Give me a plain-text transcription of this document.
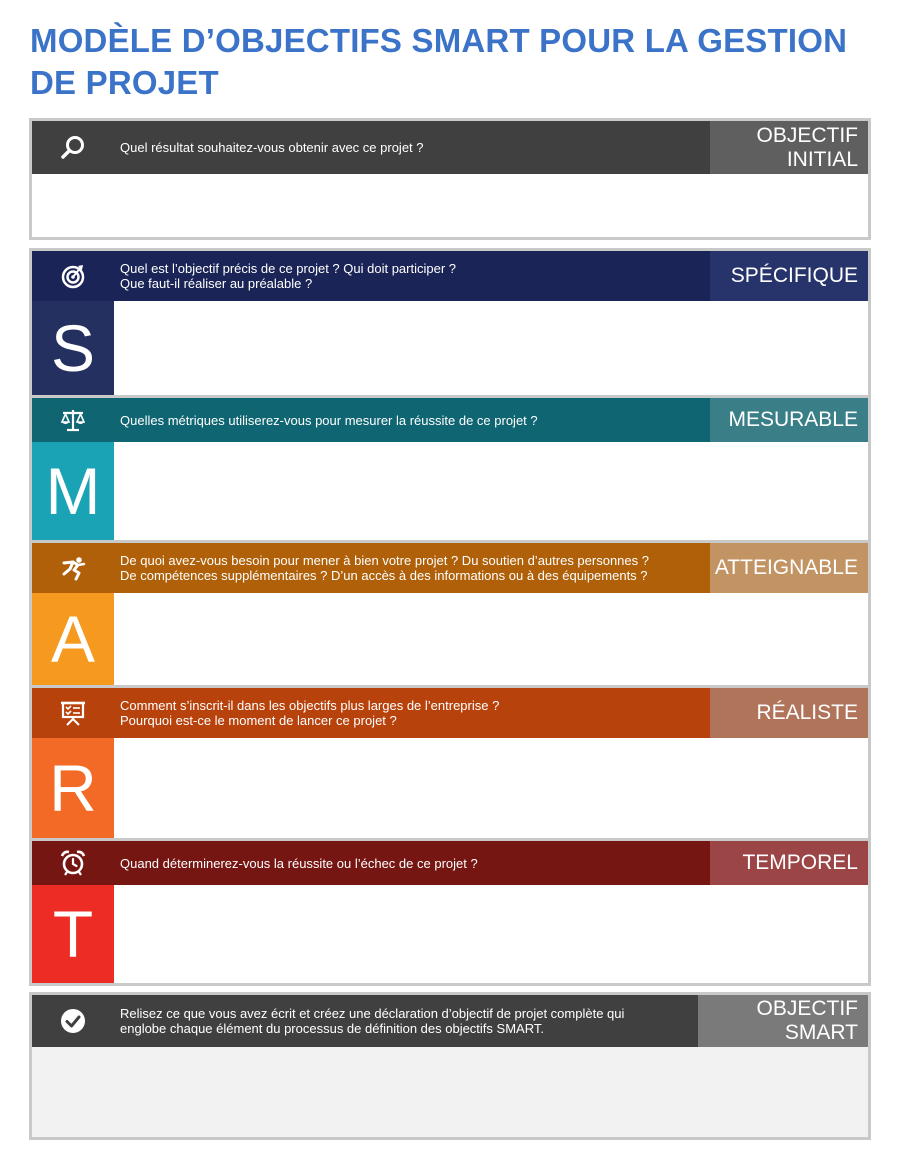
MODÈLE D’OBJECTIFS SMART POUR LA GESTION DE PROJET
Quel résultat souhaitez-vous obtenir avec ce projet ?
OBJECTIF
INITIAL
Quel est l’objectif précis de ce projet ? Qui doit participer ?
Que faut-il réaliser au préalable ?	SPÉCIFIQUE
S
Quelles métriques utiliserez-vous pour mesurer la réussite de ce projet ?	MESURABLE
M
De quoi avez-vous besoin pour mener à bien votre projet ? Du soutien d’autres personnes ?
De compétences supplémentaires ? D’un accès à des informations ou à des équipements ?	ATTEIGNABLE
A
Comment s’inscrit-il dans les objectifs plus larges de l’entreprise ?
Pourquoi est-ce le moment de lancer ce projet ?	RÉALISTE
R
Quand déterminerez-vous la réussite ou l’échec de ce projet ?	TEMPOREL
T
Relisez ce que vous avez écrit et créez une déclaration d’objectif de projet complète qui
englobe chaque élément du processus de définition des objectifs SMART.
OBJECTIF
SMART
